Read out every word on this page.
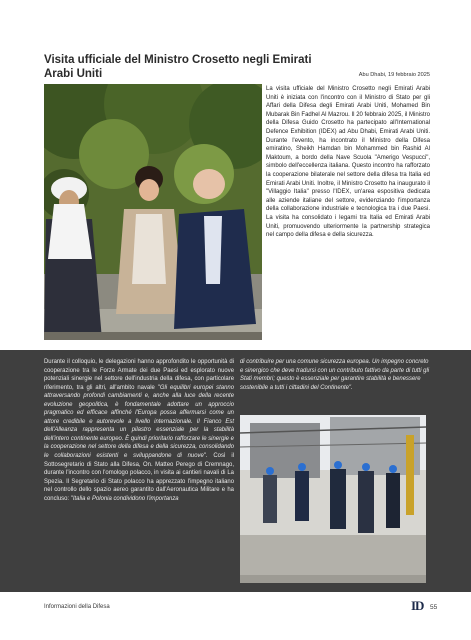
Visita ufficiale del Ministro Crosetto negli Emirati
Arabi Uniti	Abu Dhabi, 19 febbraio 2025
La visita ufficiale del Ministro Crosetto negli Emirati Arabi Uniti è iniziata con l'incontro con il Ministro di Stato per gli Affari della Difesa degli Emirati Arabi Uniti, Mohamed Bin Mubarak Bin Fadhel Al Mazrou. Il 20 febbraio 2025, il Ministro della Difesa Guido Crosetto ha partecipato all'International Defence Exhibition (IDEX) ad Abu Dhabi, Emirati Arabi Uniti. Durante l'evento, ha incontrato il Ministro della Difesa emiratino, Sheikh Hamdan bin Mohammed bin Rashid Al Maktoum, a bordo della Nave Scuola "Amerigo Vespucci", simbolo dell'eccellenza italiana. Questo incontro ha rafforzato la cooperazione bilaterale nel settore della difesa tra Italia ed Emirati Arabi Uniti. Inoltre, il Ministro Crosetto ha inaugurato il "Villaggio Italia" presso l'IDEX, un'area espositiva dedicata alle aziende italiane del settore, evidenziando l'importanza della collaborazione industriale e tecnologica tra i due Paesi. La visita ha consolidato i legami tra Italia ed Emirati Arabi Uniti, promuovendo ulteriormente la partnership strategica nel campo della difesa e della sicurezza.
Durante il colloquio, le delegazioni hanno approfondito le opportunità di cooperazione tra le Forze Armate dei due Paesi ed esplorato nuove potenziali sinergie nel settore dell'industria della difesa, con particolare riferimento, tra gli altri, all'ambito navale "Gli equilibri europei stanno attraversando profondi cambiamenti e, anche alla luce della recente evoluzione geopolitica, è fondamentale adottare un approccio pragmatico ed efficace affinché l'Europa possa affermarsi come un attore credibile e autorevole a livello internazionale. Il Fianco Est dell'Alleanza rappresenta un pilastro essenziale per la stabilità dell'intero continente europeo. È quindi prioritario rafforzare le sinergie e la cooperazione nel settore della difesa e della sicurezza, consolidando le collaborazioni esistenti e sviluppandone di nuove". Così il Sottosegretario di Stato alla Difesa, On. Matteo Perego di Cremnago, durante l'incontro con l'omologo polacco, in visita ai cantieri navali di La Spezia. Il Segretario di Stato polacco ha apprezzato l'impegno italiano nel controllo dello spazio aereo garantito dall'Aeronautica Militare e ha concluso: "Italia e Polonia condividono l'importanza
di contribuire per una comune sicurezza europea. Un impegno concreto e sinergico che deve tradursi con un contributo fattivo da parte di tutti gli Stati membri; questo è essenziale per garantire stabilità e benessere sostenibile a tutti i cittadini del Continente".
Informazioni della Difesa	ID 55
